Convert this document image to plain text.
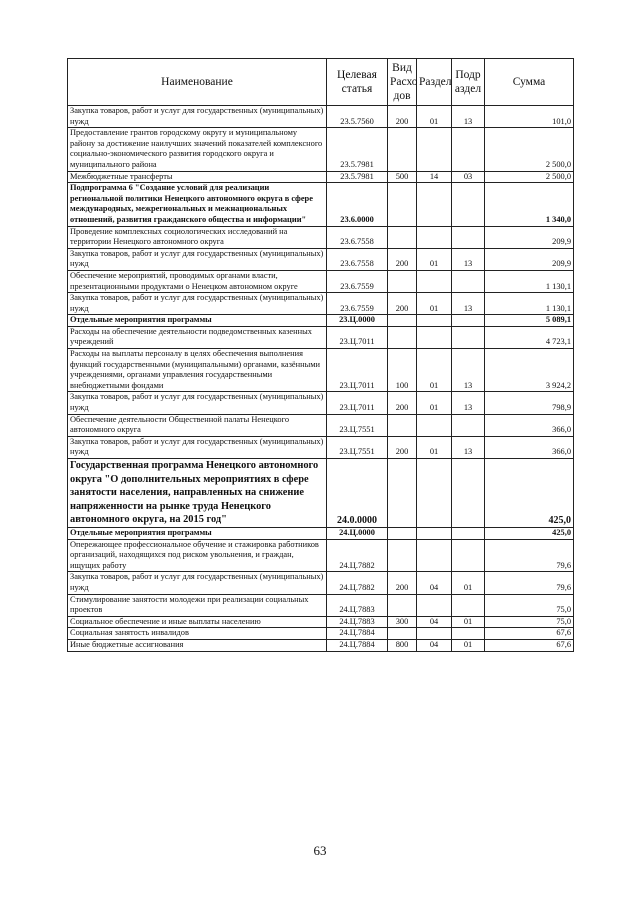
Наименование	Целевая статья	Вид Расхо дов	Раздел	Подр аздел	Сумма
Закупка товаров, работ и услуг для государственных (муниципальных) нужд	23.5.7560	200	01	13	101,0
Предоставление грантов городскому округу и муниципальному району за достижение наилучших значений показателей комплексного социально-экономического развития городского округа и муниципального района	23.5.7981				2 500,0
Межбюджетные трансферты	23.5.7981	500	14	03	2 500,0
Подпрограмма 6 "Создание условий для реализации региональной политики Ненецкого автономного округа в сфере международных, межрегиональных и межнациональных отношений, развития гражданского общества и информации"	23.6.0000				1 340,0
Проведение комплексных социологических исследований на территории Ненецкого автономного округа	23.6.7558				209,9
Закупка товаров, работ и услуг для государственных (муниципальных) нужд	23.6.7558	200	01	13	209,9
Обеспечение мероприятий, проводимых органами власти, презентационными продуктами о Ненецком автономном округе	23.6.7559				1 130,1
Закупка товаров, работ и услуг для государственных (муниципальных) нужд	23.6.7559	200	01	13	1 130,1
Отдельные мероприятия программы	23.Ц.0000				5 089,1
Расходы на обеспечение деятельности подведомственных казенных учреждений	23.Ц.7011				4 723,1
Расходы на выплаты персоналу в целях обеспечения выполнения функций государственными (муниципальными) органами, казёнными учреждениями, органами управления государственными внебюджетными фондами	23.Ц.7011	100	01	13	3 924,2
Закупка товаров, работ и услуг для государственных (муниципальных) нужд	23.Ц.7011	200	01	13	798,9
Обеспечение деятельности Общественной палаты Ненецкого автономного округа	23.Ц.7551				366,0
Закупка товаров, работ и услуг для государственных (муниципальных) нужд	23.Ц.7551	200	01	13	366,0
Государственная программа Ненецкого автономного округа "О дополнительных мероприятиях в сфере занятости населения, направленных на снижение напряженности на рынке труда Ненецкого автономного округа, на 2015 год"	24.0.0000				425,0
Отдельные мероприятия программы	24.Ц.0000				425,0
Опережающее профессиональное обучение и стажировка работников организаций, находящихся под риском увольнения, и граждан, ищущих работу	24.Ц.7882				79,6
Закупка товаров, работ и услуг для государственных (муниципальных) нужд	24.Ц.7882	200	04	01	79,6
Стимулирование занятости молодежи при реализации социальных проектов	24.Ц.7883				75,0
Социальное обеспечение и иные выплаты населению	24.Ц.7883	300	04	01	75,0
Социальная занятость инвалидов	24.Ц.7884				67,6
Иные бюджетные ассигнования	24.Ц.7884	800	04	01	67,6
63
